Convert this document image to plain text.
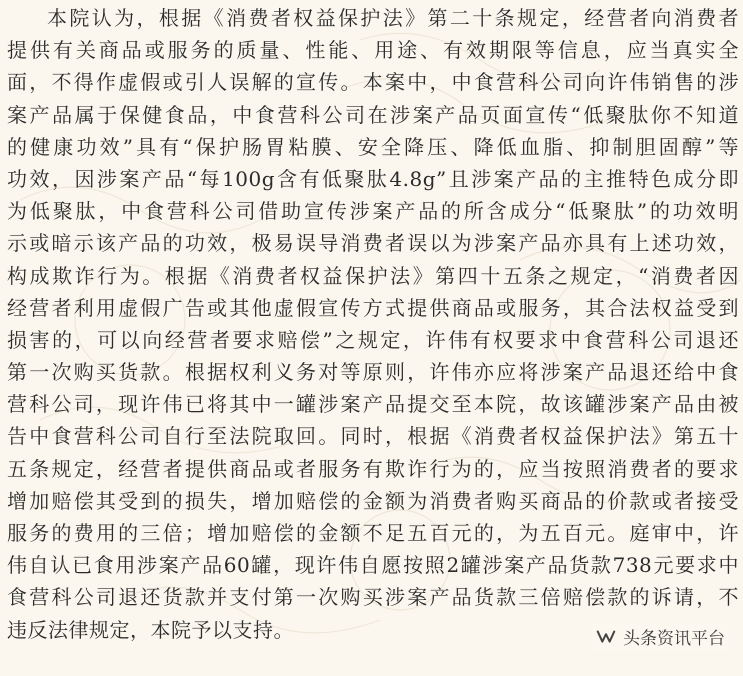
本院认为，根据《消费者权益保护法》第二十条规定，经营者向消费者
提供有关商品或服务的质量、性能、用途、有效期限等信息，应当真实全
面，不得作虚假或引人误解的宣传。本案中，中食营科公司向许伟销售的涉
案产品属于保健食品，中食营科公司在涉案产品页面宣传“低聚肽你不知道
的健康功效”具有“保护肠胃粘膜、安全降压、降低血脂、抑制胆固醇”等
功效，因涉案产品“每100g含有低聚肽4.8g”且涉案产品的主推特色成分即
为低聚肽，中食营科公司借助宣传涉案产品的所含成分“低聚肽”的功效明
示或暗示该产品的功效，极易误导消费者误以为涉案产品亦具有上述功效，
构成欺诈行为。根据《消费者权益保护法》第四十五条之规定，“消费者因
经营者利用虚假广告或其他虚假宣传方式提供商品或服务，其合法权益受到
损害的，可以向经营者要求赔偿”之规定，许伟有权要求中食营科公司退还
第一次购买货款。根据权利义务对等原则，许伟亦应将涉案产品退还给中食
营科公司，现许伟已将其中一罐涉案产品提交至本院，故该罐涉案产品由被
告中食营科公司自行至法院取回。同时，根据《消费者权益保护法》第五十
五条规定，经营者提供商品或者服务有欺诈行为的，应当按照消费者的要求
增加赔偿其受到的损失，增加赔偿的金额为消费者购买商品的价款或者接受
服务的费用的三倍；增加赔偿的金额不足五百元的，为五百元。庭审中，许
伟自认已食用涉案产品60罐，现许伟自愿按照2罐涉案产品货款738元要求中
食营科公司退还货款并支付第一次购买涉案产品货款三倍赔偿款的诉请，不
违反法律规定，本院予以支持。	头条资讯平台
